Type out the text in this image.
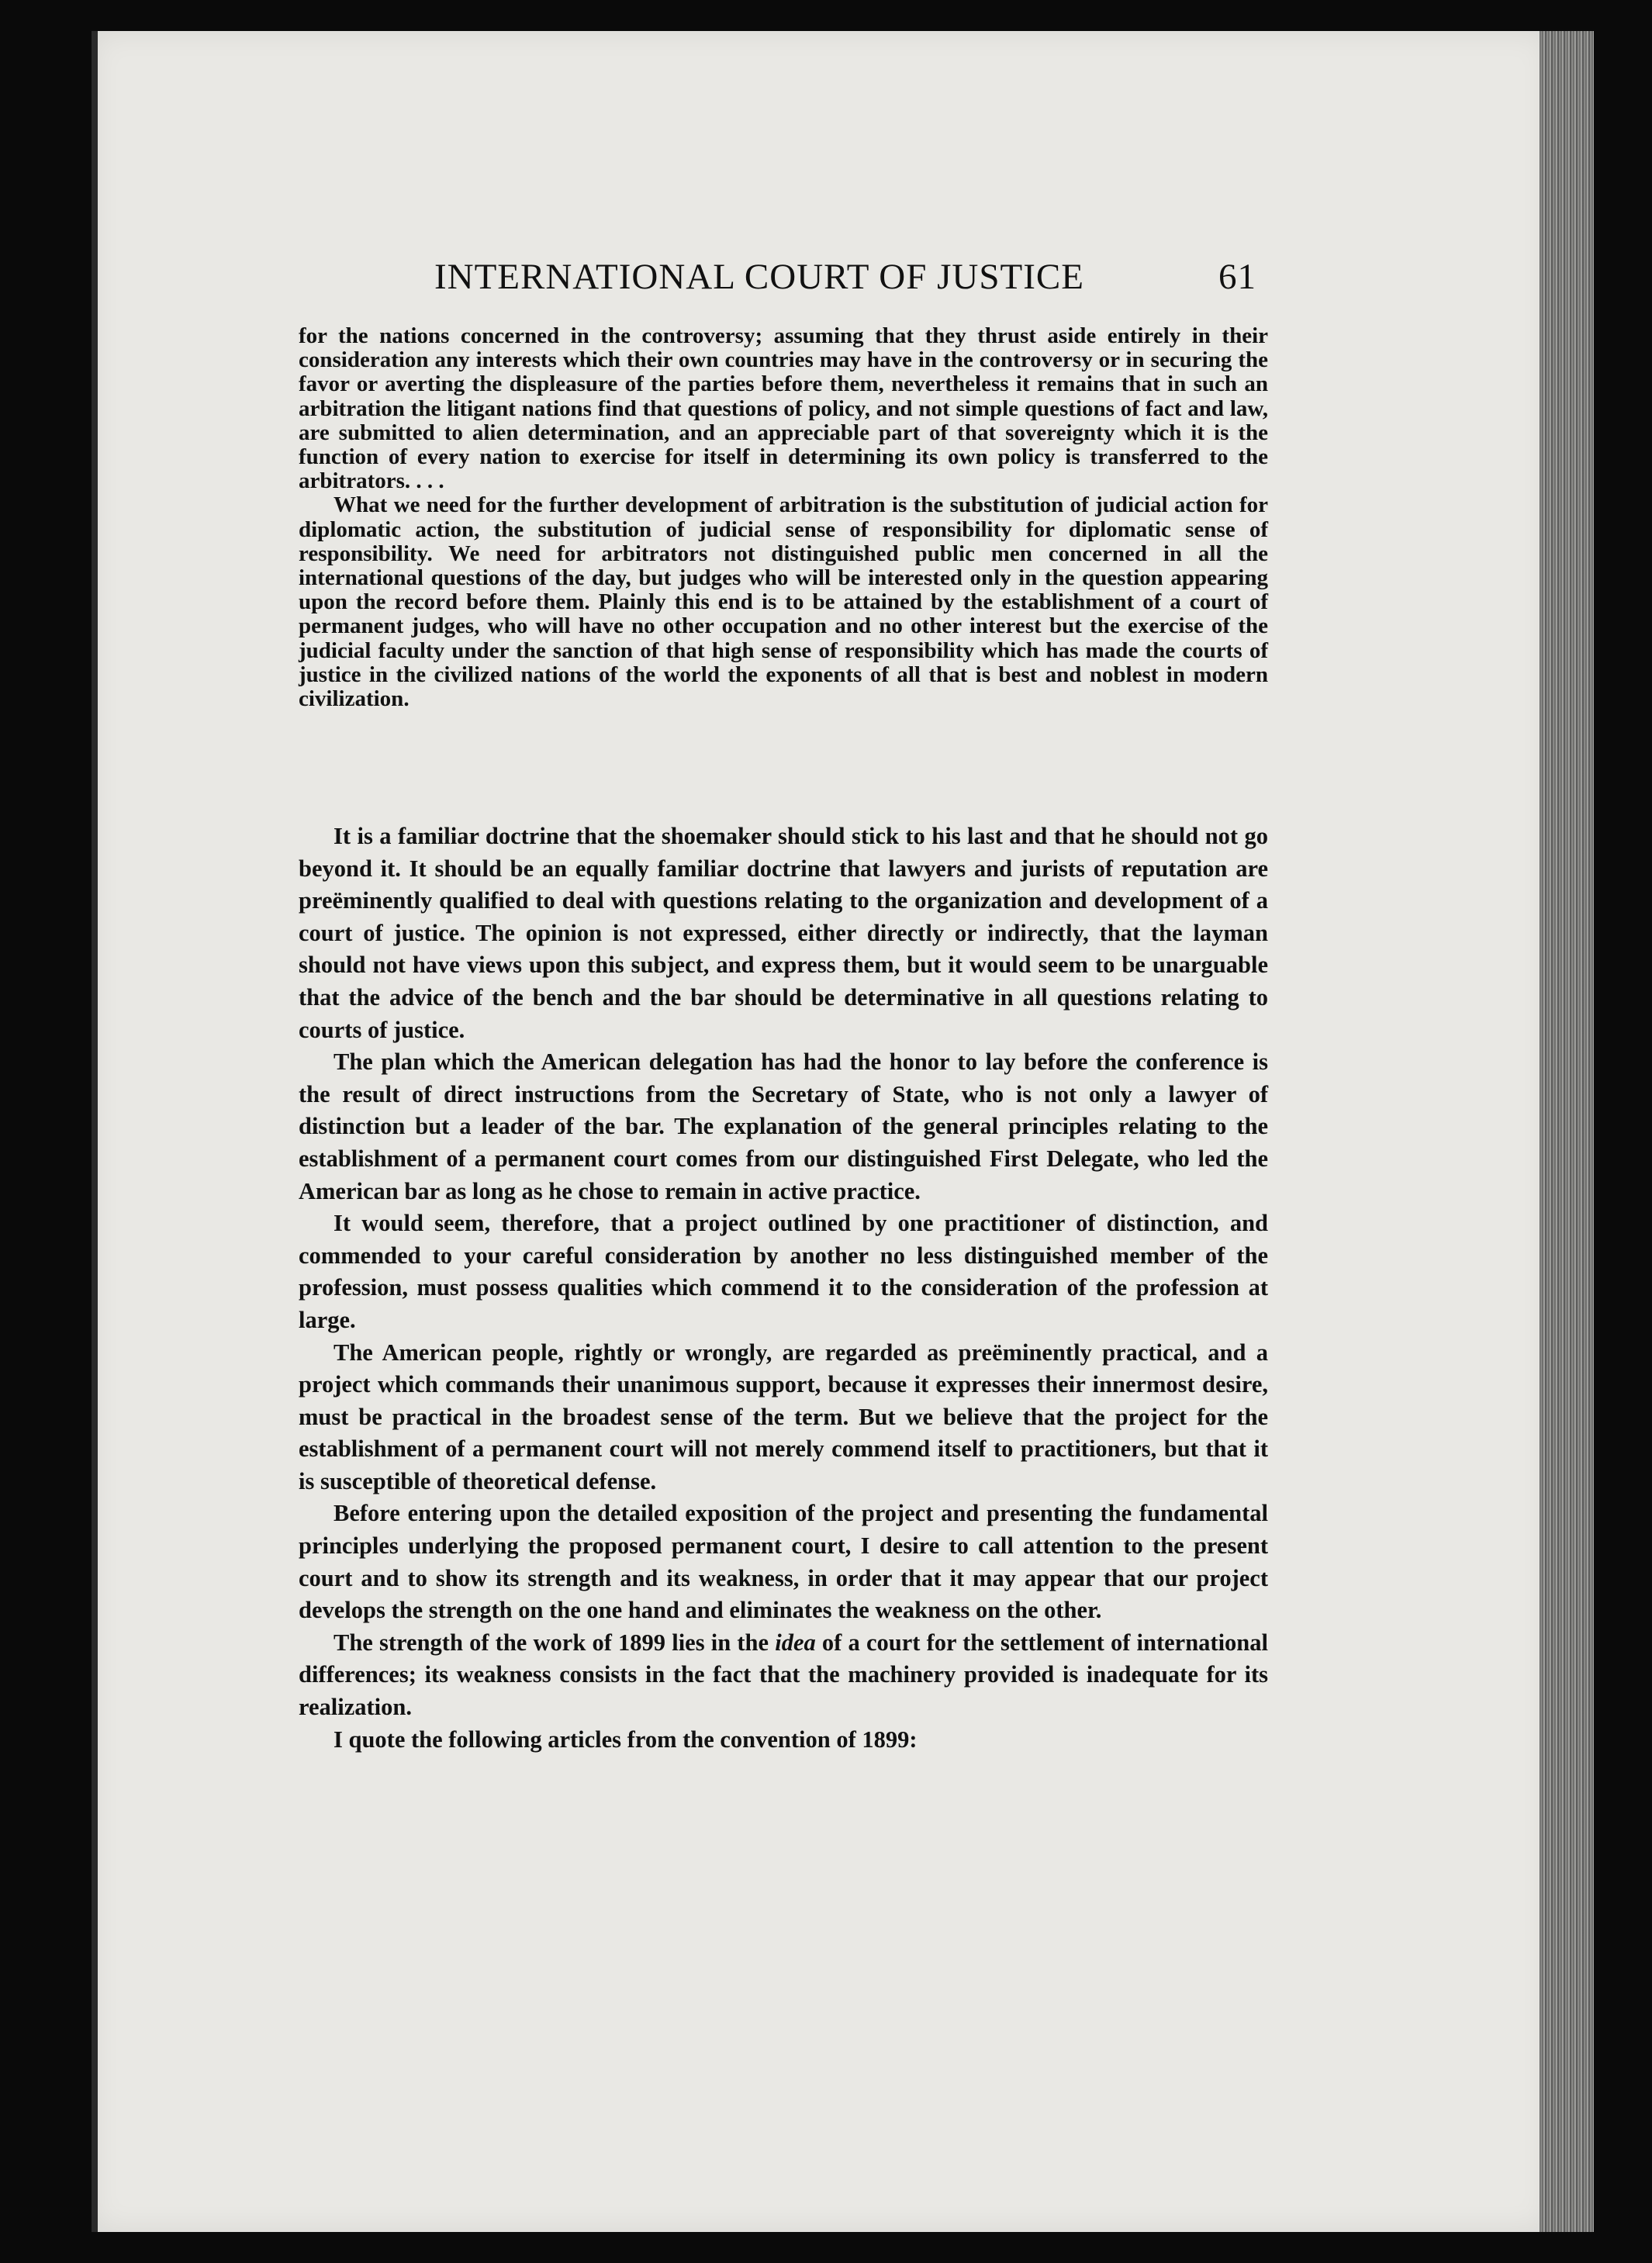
INTERNATIONAL COURT OF JUSTICE	61

for the nations concerned in the controversy; assuming that they thrust aside entirely in their consideration any interests which their own countries may have in the controversy or in securing the favor or averting the displeasure of the parties before them, nevertheless it remains that in such an arbitration the litigant nations find that questions of policy, and not simple questions of fact and law, are submitted to alien determination, and an appreciable part of that sovereignty which it is the function of every nation to exercise for itself in determining its own policy is transferred to the arbitrators. . . .

What we need for the further development of arbitration is the substitution of judicial action for diplomatic action, the substitution of judicial sense of responsibility for diplomatic sense of responsibility. We need for arbitrators not distinguished public men concerned in all the international questions of the day, but judges who will be interested only in the question appearing upon the record before them. Plainly this end is to be attained by the establishment of a court of permanent judges, who will have no other occupation and no other interest but the exercise of the judicial faculty under the sanction of that high sense of responsibility which has made the courts of justice in the civilized nations of the world the exponents of all that is best and noblest in modern civilization.

It is a familiar doctrine that the shoemaker should stick to his last and that he should not go beyond it. It should be an equally familiar doctrine that lawyers and jurists of reputation are preëminently qualified to deal with questions relating to the organization and development of a court of justice. The opinion is not expressed, either directly or indirectly, that the layman should not have views upon this subject, and express them, but it would seem to be unarguable that the advice of the bench and the bar should be determinative in all questions relating to courts of justice.

The plan which the American delegation has had the honor to lay before the conference is the result of direct instructions from the Secretary of State, who is not only a lawyer of distinction but a leader of the bar. The explanation of the general principles relating to the establishment of a permanent court comes from our distinguished First Delegate, who led the American bar as long as he chose to remain in active practice.

It would seem, therefore, that a project outlined by one practitioner of distinction, and commended to your careful consideration by another no less distinguished member of the profession, must possess qualities which commend it to the consideration of the profession at large.

The American people, rightly or wrongly, are regarded as preëminently practical, and a project which commands their unanimous support, because it expresses their innermost desire, must be practical in the broadest sense of the term. But we believe that the project for the establishment of a permanent court will not merely commend itself to practitioners, but that it is susceptible of theoretical defense.

Before entering upon the detailed exposition of the project and presenting the fundamental principles underlying the proposed permanent court, I desire to call attention to the present court and to show its strength and its weakness, in order that it may appear that our project develops the strength on the one hand and eliminates the weakness on the other.

The strength of the work of 1899 lies in the idea of a court for the settlement of international differences; its weakness consists in the fact that the machinery provided is inadequate for its realization.

I quote the following articles from the convention of 1899:
